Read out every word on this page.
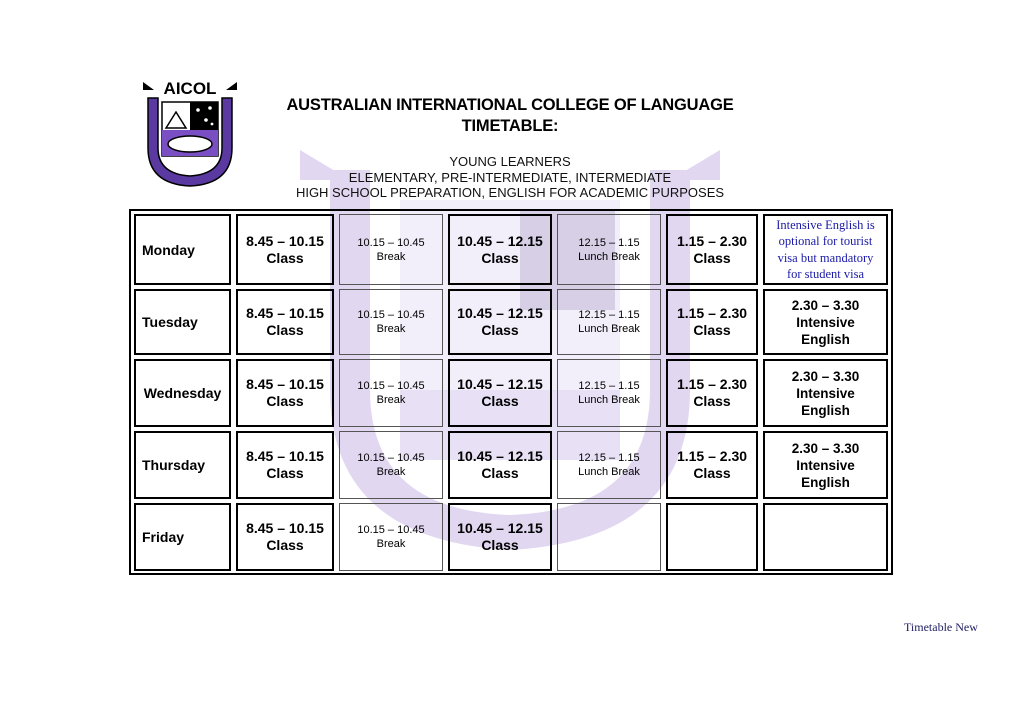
AICOL
AUSTRALIAN INTERNATIONAL COLLEGE OF LANGUAGE
TIMETABLE:
YOUNG LEARNERS
ELEMENTARY, PRE-INTERMEDIATE, INTERMEDIATE
HIGH SCHOOL PREPARATION, ENGLISH FOR ACADEMIC PURPOSES
Monday
8.45 – 10.15
Class
10.15 – 10.45
Break
10.45 – 12.15
Class
12.15 – 1.15
Lunch Break
1.15 – 2.30
Class
Intensive English is
optional for tourist
visa but mandatory
for student visa
Tuesday
8.45 – 10.15
Class
10.15 – 10.45
Break
10.45 – 12.15
Class
12.15 – 1.15
Lunch Break
1.15 – 2.30
Class
2.30 – 3.30
Intensive
English
Wednesday
8.45 – 10.15
Class
10.15 – 10.45
Break
10.45 – 12.15
Class
12.15 – 1.15
Lunch Break
1.15 – 2.30
Class
2.30 – 3.30
Intensive
English
Thursday
8.45 – 10.15
Class
10.15 – 10.45
Break
10.45 – 12.15
Class
12.15 – 1.15
Lunch Break
1.15 – 2.30
Class
2.30 – 3.30
Intensive
English
Friday
8.45 – 10.15
Class
10.15 – 10.45
Break
10.45 – 12.15
Class
Timetable New
